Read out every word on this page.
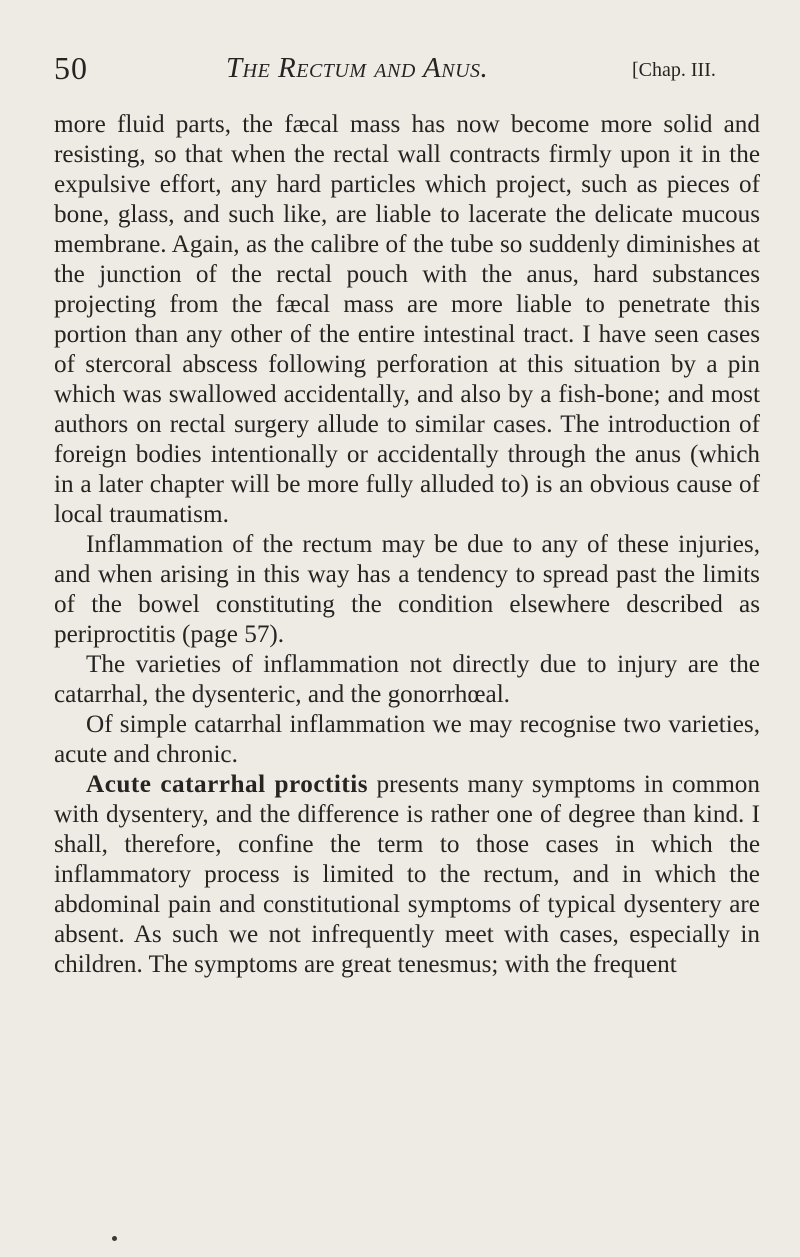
50	The Rectum and Anus.	[Chap. III.

more fluid parts, the fæcal mass has now become more solid and resisting, so that when the rectal wall contracts firmly upon it in the expulsive effort, any hard particles which project, such as pieces of bone, glass, and such like, are liable to lacerate the delicate mucous membrane. Again, as the calibre of the tube so suddenly diminishes at the junction of the rectal pouch with the anus, hard substances projecting from the fæcal mass are more liable to penetrate this portion than any other of the entire intestinal tract. I have seen cases of stercoral abscess following perforation at this situation by a pin which was swallowed accidentally, and also by a fish-bone; and most authors on rectal surgery allude to similar cases. The introduction of foreign bodies intentionally or accidentally through the anus (which in a later chapter will be more fully alluded to) is an obvious cause of local traumatism.

Inflammation of the rectum may be due to any of these injuries, and when arising in this way has a tendency to spread past the limits of the bowel constituting the condition elsewhere described as periproctitis (page 57).

The varieties of inflammation not directly due to injury are the catarrhal, the dysenteric, and the gonorrhœal.

Of simple catarrhal inflammation we may recognise two varieties, acute and chronic.

Acute catarrhal proctitis presents many symptoms in common with dysentery, and the difference is rather one of degree than kind. I shall, therefore, confine the term to those cases in which the inflammatory process is limited to the rectum, and in which the abdominal pain and constitutional symptoms of typical dysentery are absent. As such we not infrequently meet with cases, especially in children. The symptoms are great tenesmus; with the frequent
